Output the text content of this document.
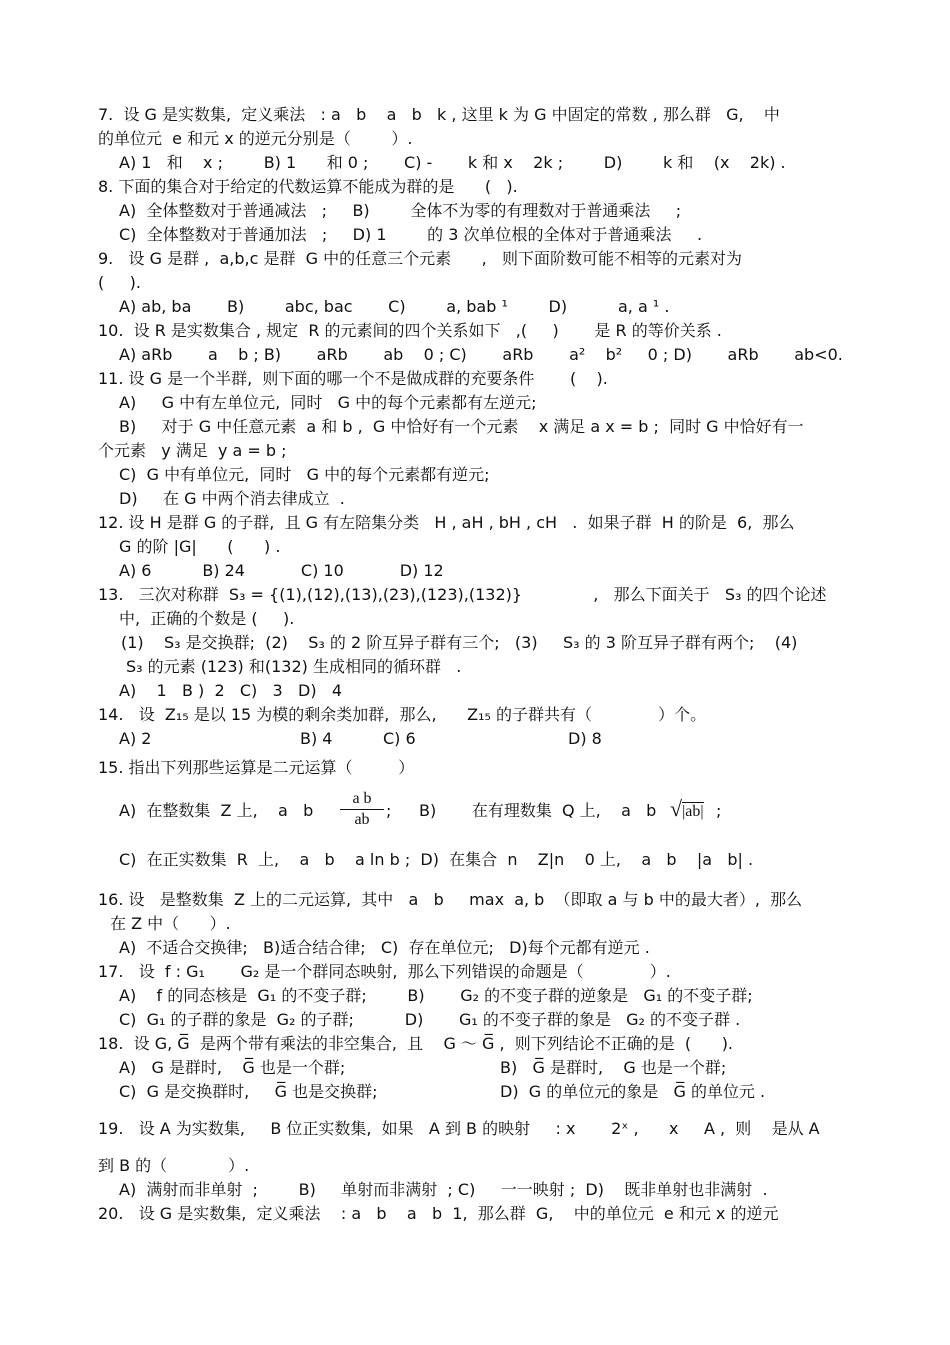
7.  设 G 是实数集,  定义乘法   : a   b    a   b   k , 这里 k 为 G 中固定的常数 , 那么群   G,    中
的单位元  e 和元 x 的逆元分别是（        ）.
A) 1   和    x ;        B) 1      和 0 ;       C) -       k 和 x    2k ;        D)        k 和    (x    2k) .
8. 下面的集合对于给定的代数运算不能成为群的是      (   ).
A)  全体整数对于普通减法   ;     B)        全体不为零的有理数对于普通乘法     ;
C)  全体整数对于普通加法   ;     D) 1        的 3 次单位根的全体对于普通乘法     .
9.   设 G 是群 ,  a,b,c 是群  G 中的任意三个元素      ,   则下面阶数可能不相等的元素对为
(     ).
A) ab, ba       B)        abc, bac       C)        a, bab ¹        D)          a, a ¹ .
10.  设 R 是实数集合 , 规定  R 的元素间的四个关系如下   ,(     )       是 R 的等价关系 .
A) aRb       a    b ; B)       aRb       ab    0 ; C)       aRb       a²    b²     0 ; D)       aRb       ab<0.
11. 设 G 是一个半群,  则下面的哪一个不是做成群的充要条件       (    ).
A)     G 中有左单位元,  同时   G 中的每个元素都有左逆元;
B)     对于 G 中任意元素  a 和 b ,  G 中恰好有一个元素    x 满足 a x = b ;  同时 G 中恰好有一
个元素   y 满足  y a = b ;
C)  G 中有单位元,  同时   G 中的每个元素都有逆元;
D)     在 G 中两个消去律成立  .
12. 设 H 是群 G 的子群,  且 G 有左陪集分类   H , aH , bH , cH   .  如果子群  H 的阶是  6,  那么
G 的阶 |G|      (      ) .
A) 6          B) 24           C) 10           D) 12
13.   三次对称群  S₃ = {(1),(12),(13),(23),(123),(132)}              ,   那么下面关于   S₃ 的四个论述
中,  正确的个数是 (     ).
(1)    S₃ 是交换群;  (2)    S₃ 的 2 阶互异子群有三个;   (3)     S₃ 的 3 阶互异子群有两个;    (4)
S₃ 的元素 (123) 和(132) 生成相同的循环群   .
A)    1   B )  2   C)   3   D)   4
14.   设  Z₁₅ 是以 15 为模的剩余类加群,  那么,      Z₁₅ 的子群共有（             ）个。
A) 2	B) 4	C) 6	D) 8
15. 指出下列那些运算是二元运算（         ）
A)  在整数集  Z 上,    a   b
a b
ab	; B)       在有理数集  Q 上,    a   b √|ab| ;
C)  在正实数集  R  上,    a   b    a ln b ;  D)  在集合  n    Z|n    0 上,    a   b    |a   b| .
16. 设   是整数集  Z 上的二元运算,  其中   a   b     max  a, b  （即取 a 与 b 中的最大者）,  那么
在 Z 中（      ）.
A)  不适合交换律;   B)适合结合律;   C)  存在单位元;   D)每个元都有逆元 .
17.   设  f : G₁       G₂ 是一个群同态映射,  那么下列错误的命题是（             ）.
A)    f 的同态核是  G₁ 的不变子群;        B)       G₂ 的不变子群的逆象是   G₁ 的不变子群;
C)  G₁ 的子群的象是  G₂ 的子群;          D)       G₁ 的不变子群的象是   G₂ 的不变子群 .
18.  设 G, G̅  是两个带有乘法的非空集合,  且    G ～ G̅ ,  则下列结论不正确的是  (      ).
A)   G 是群时,    G̅ 也是一个群;	B)   G̅ 是群时,    G 也是一个群;
C)  G 是交换群时,     G̅ 也是交换群;	D)  G 的单位元的象是   G̅ 的单位元 .
19.   设 A 为实数集,     B 位正实数集,  如果   A 到 B 的映射     : x       2ˣ ,      x     A ,  则    是从 A
到 B 的（            ）.
A)  满射而非单射  ;        B)     单射而非满射  ; C)     一一映射 ;  D)    既非单射也非满射  .
20.   设 G 是实数集,  定义乘法    : a   b    a   b  1,  那么群  G,    中的单位元  e 和元 x 的逆元
